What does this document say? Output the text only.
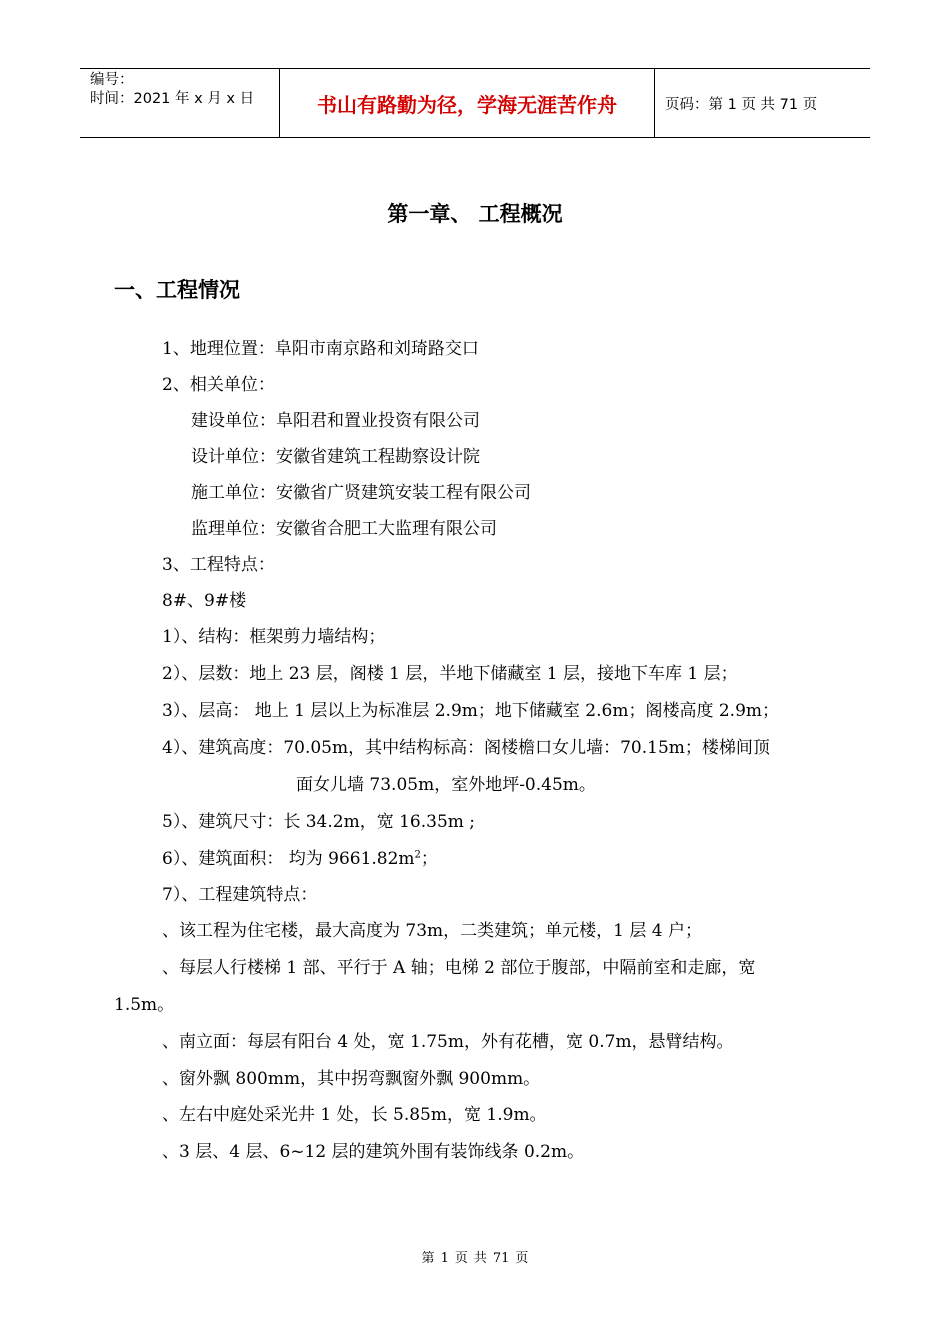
编号：
时间：2021 年 x 月 x 日	书山有路勤为径，学海无涯苦作舟	页码：第 1 页 共 71 页
第一章、 工程概况
一、工程情况
1、地理位置：阜阳市南京路和刘琦路交口
2、相关单位：
建设单位：阜阳君和置业投资有限公司
设计单位：安徽省建筑工程勘察设计院
施工单位：安徽省广贤建筑安装工程有限公司
监理单位：安徽省合肥工大监理有限公司
3、工程特点：
8#、9#楼
1）、结构：框架剪力墙结构；
2）、层数：地上 23 层，阁楼 1 层，半地下储藏室 1 层，接地下车库 1 层；
3）、层高： 地上 1 层以上为标准层 2.9m；地下储藏室 2.6m；阁楼高度 2.9m；
4）、建筑高度：70.05m，其中结构标高：阁楼檐口女儿墙：70.15m；楼梯间顶
面女儿墙 73.05m，室外地坪-0.45m。
5）、建筑尺寸：长 34.2m，宽 16.35m ;
6）、建筑面积： 均为 $9661.82m^2$；
7）、工程建筑特点：
、该工程为住宅楼，最大高度为 73m，二类建筑；单元楼，1 层 4 户；
、每层人行楼梯 1 部、平行于 A 轴；电梯 2 部位于腹部，中隔前室和走廊，宽
1.5m。
、南立面：每层有阳台 4 处，宽 1.75m，外有花槽，宽 0.7m，悬臂结构。
、窗外飘 800mm，其中拐弯飘窗外飘 900mm。
、左右中庭处采光井 1 处，长 5.85m，宽 1.9m。
、3 层、4 层、6~12 层的建筑外围有装饰线条 0.2m。
第 1 页 共 71 页
